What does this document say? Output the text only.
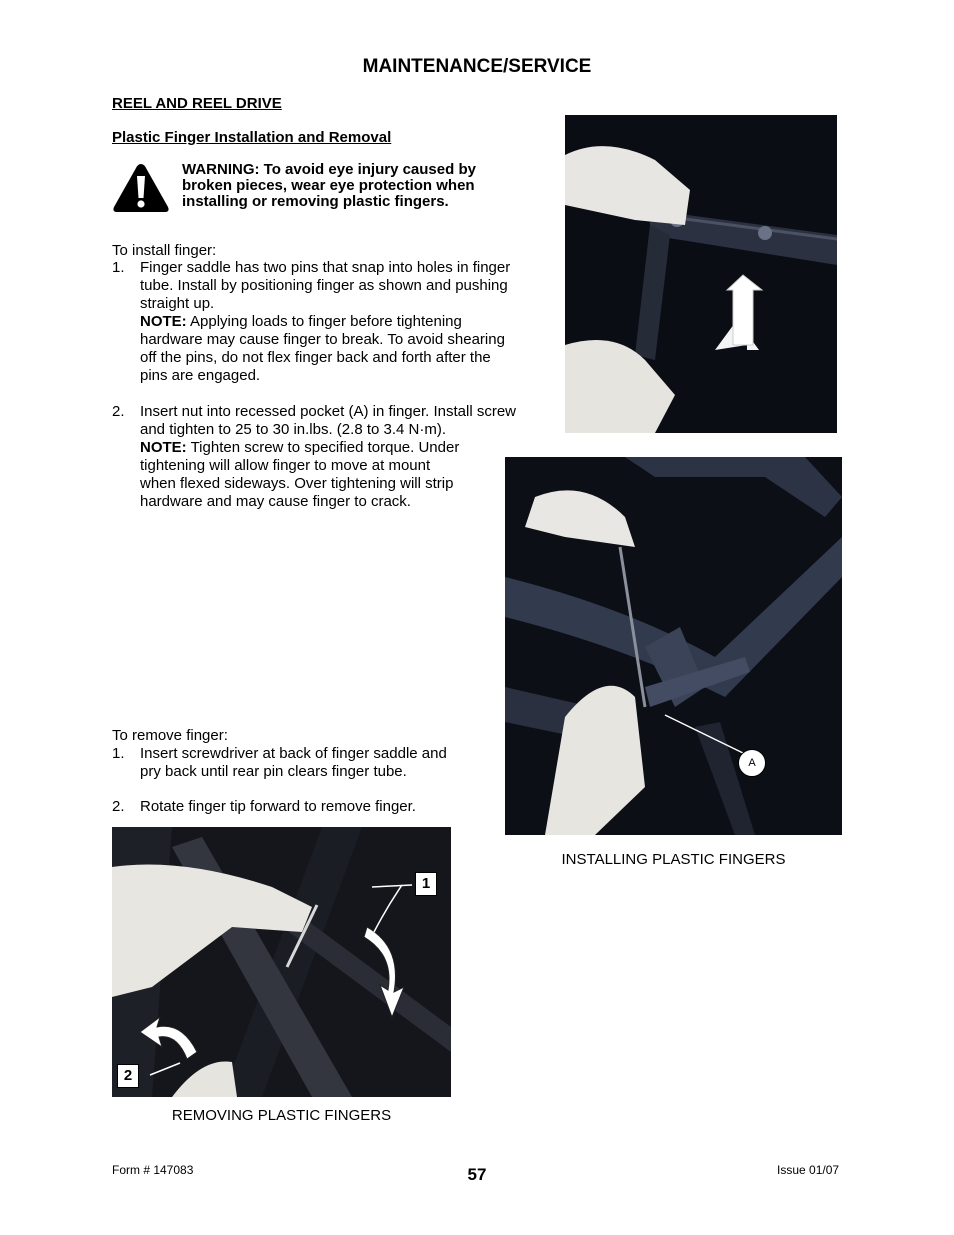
MAINTENANCE/SERVICE
REEL AND REEL DRIVE
Plastic Finger Installation and Removal
WARNING: To avoid eye injury caused by
broken pieces, wear eye protection when
installing or removing plastic fingers.
To install finger:
1. Finger saddle has two pins that snap into holes in finger
tube. Install by positioning finger as shown and pushing
straight up.
NOTE: Applying loads to finger before tightening
hardware may cause finger to break. To avoid shearing
off the pins, do not flex finger back and forth after the
pins are engaged.
2. Insert nut into recessed pocket (A) in finger. Install screw
and tighten to 25 to 30 in.lbs. (2.8 to 3.4 N·m).
NOTE: Tighten screw to specified torque. Under
tightening will allow finger to move at mount
when flexed sideways. Over tightening will strip
hardware and may cause finger to crack.
To remove finger:
1. Insert screwdriver at back of finger saddle and
pry back until rear pin clears finger tube.
2. Rotate finger tip forward to remove finger.
A
INSTALLING PLASTIC FINGERS
1
2
REMOVING PLASTIC FINGERS
Form # 147083	57	Issue 01/07
